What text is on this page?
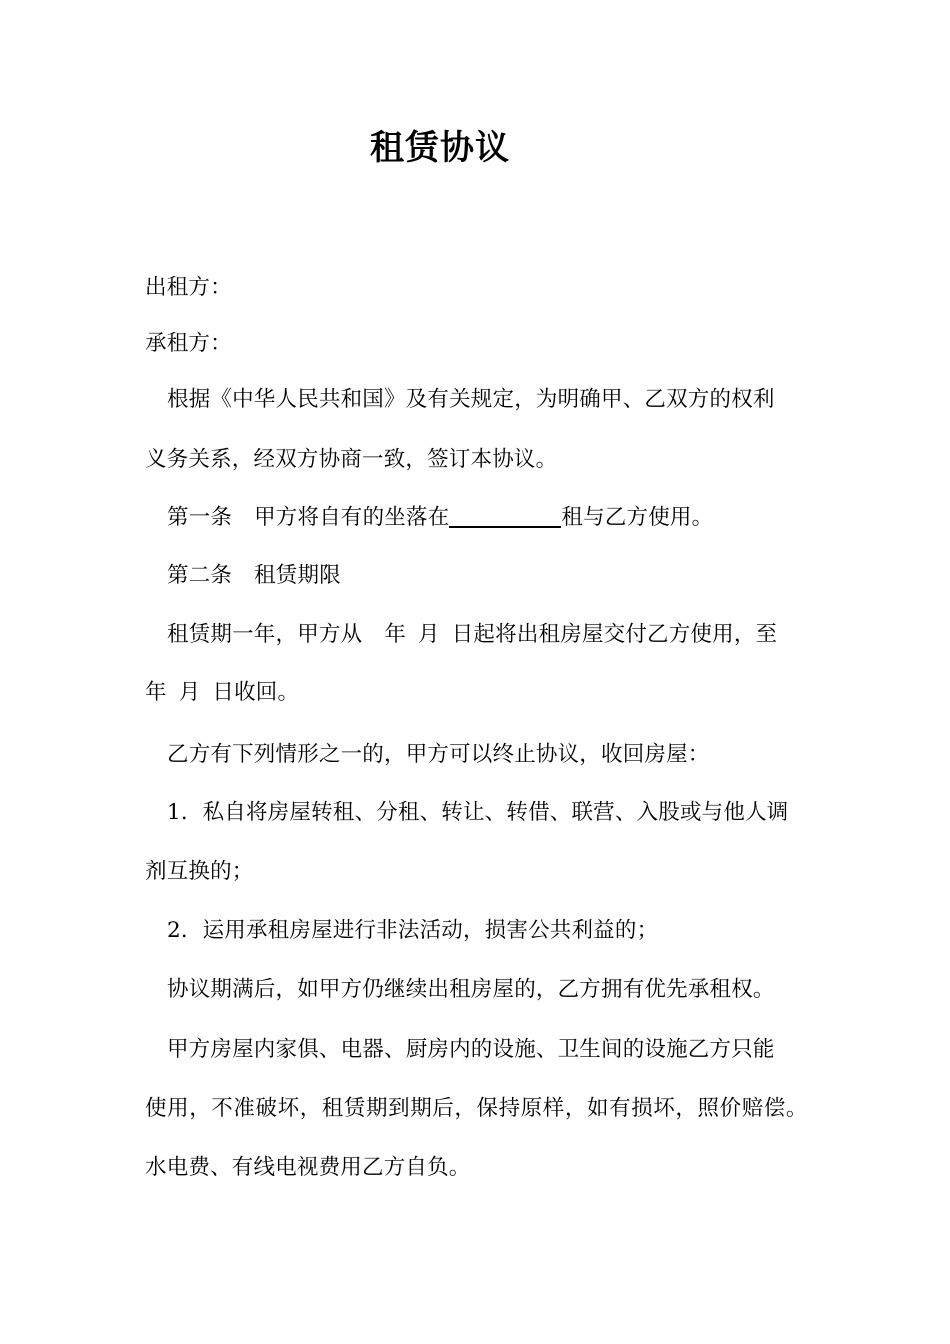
租赁协议

出租方：

承租方：

根据《中华人民共和国》及有关规定，为明确甲、乙双方的权利

义务关系，经双方协商一致，签订本协议。

第一条 甲方将自有的坐落在	租与乙方使用。

第二条 租赁期限

租赁期一年，甲方从 年 月 日起将出租房屋交付乙方使用，至

年 月 日收回。

乙方有下列情形之一的，甲方可以终止协议，收回房屋：

1．私自将房屋转租、分租、转让、转借、联营、入股或与他人调

剂互换的；

2．运用承租房屋进行非法活动，损害公共利益的；

协议期满后，如甲方仍继续出租房屋的，乙方拥有优先承租权。

甲方房屋内家俱、电器、厨房内的设施、卫生间的设施乙方只能

使用，不准破坏，租赁期到期后，保持原样，如有损坏，照价赔偿。

水电费、有线电视费用乙方自负。
